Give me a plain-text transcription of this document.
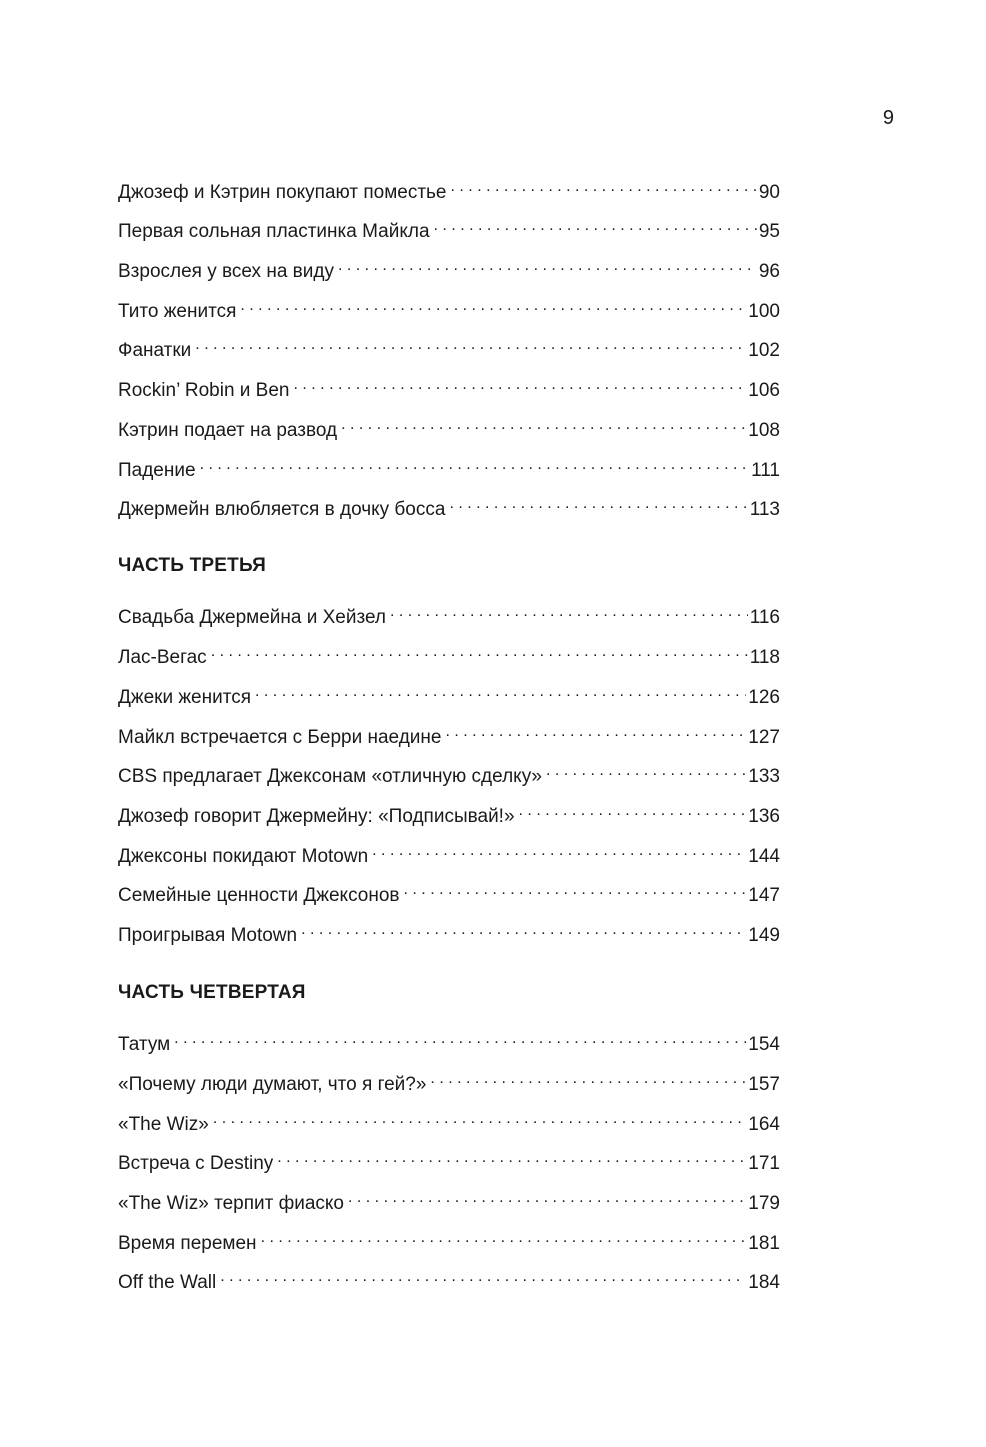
9
Джозеф и Кэтрин покупают поместье . . .	90
Первая сольная пластинка Майкла . . .	95
Взрослея у всех на виду . . .	96
Тито женится . . .	100
Фанатки . . .	102
Rockin’ Robin и Ben . . .	106
Кэтрин подает на развод . . .	108
Падение . . .	111
Джермейн влюбляется в дочку босса . . .	113
ЧАСТЬ ТРЕТЬЯ
Свадьба Джермейна и Хейзел . . .	116
Лас-Вегас . . .	118
Джеки женится . . .	126
Майкл встречается с Берри наедине . . .	127
CBS предлагает Джексонам «отличную сделку» . . .	133
Джозеф говорит Джермейну: «Подписывай!» . . .	136
Джексоны покидают Motown . . .	144
Семейные ценности Джексонов . . .	147
Проигрывая Motown . . .	149
ЧАСТЬ ЧЕТВЕРТАЯ
Татум . . .	154
«Почему люди думают, что я гей?» . . .	157
«The Wiz» . . .	164
Встреча с Destiny . . .	171
«The Wiz» терпит фиаско . . .	179
Время перемен . . .	181
Off the Wall . . .	184
